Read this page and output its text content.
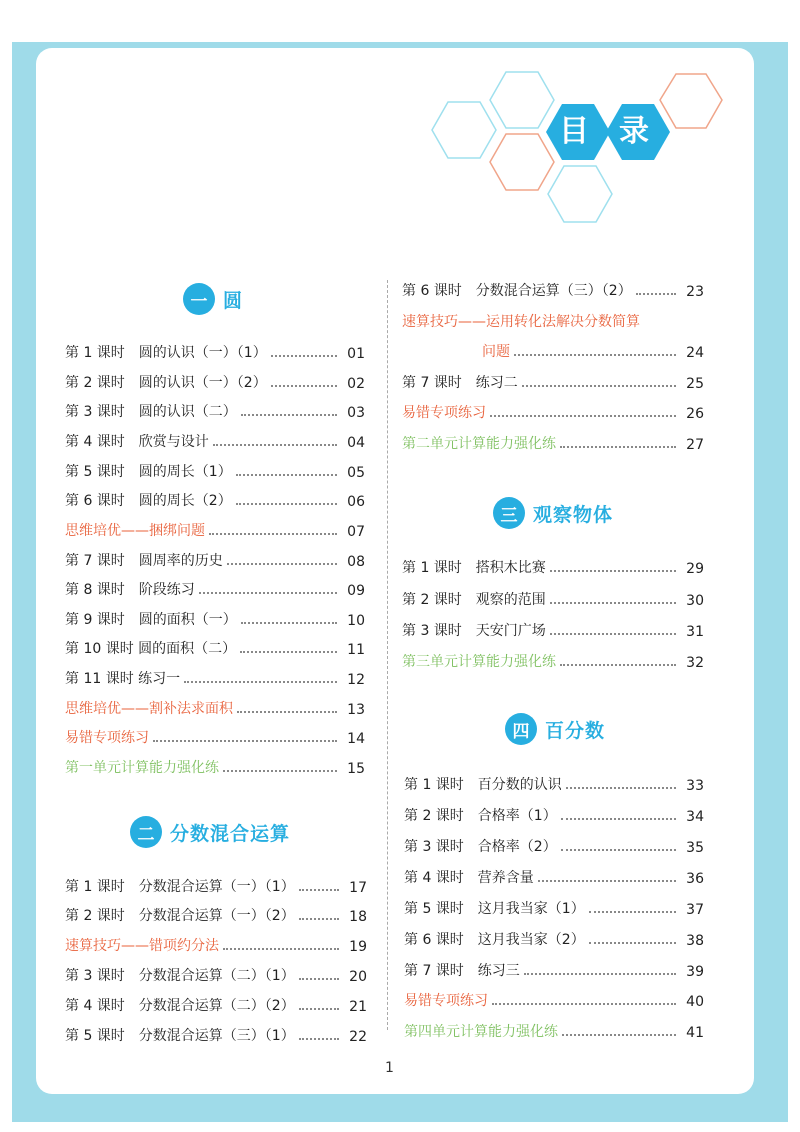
目	录
一 圆
二 分数混合运算
三 观察物体
四 百分数
第 1 课时　圆的认识（一）（1）	01
第 2 课时　圆的认识（一）（2）	02
第 3 课时　圆的认识（二）	03
第 4 课时　欣赏与设计	04
第 5 课时　圆的周长（1）	05
第 6 课时　圆的周长（2）	06
思维培优——捆绑问题	07
第 7 课时　圆周率的历史	08
第 8 课时　阶段练习	09
第 9 课时　圆的面积（一）	10
第 10 课时 圆的面积（二）	11
第 11 课时 练习一	12
思维培优——割补法求面积	13
易错专项练习	14
第一单元计算能力强化练	15
第 1 课时　分数混合运算（一）（1）	17
第 2 课时　分数混合运算（一）（2）	18
速算技巧——错项约分法	19
第 3 课时　分数混合运算（二）（1）	20
第 4 课时　分数混合运算（二）（2）	21
第 5 课时　分数混合运算（三）（1）	22
第 6 课时　分数混合运算（三）（2）	23
速算技巧——运用转化法解决分数简算
问题	24
第 7 课时　练习二	25
易错专项练习	26
第二单元计算能力强化练	27
第 1 课时　搭积木比赛	29
第 2 课时　观察的范围	30
第 3 课时　天安门广场	31
第三单元计算能力强化练	32
第 1 课时　百分数的认识	33
第 2 课时　合格率（1）	34
第 3 课时　合格率（2）	35
第 4 课时　营养含量	36
第 5 课时　这月我当家（1）	37
第 6 课时　这月我当家（2）	38
第 7 课时　练习三	39
易错专项练习	40
第四单元计算能力强化练	41
1
